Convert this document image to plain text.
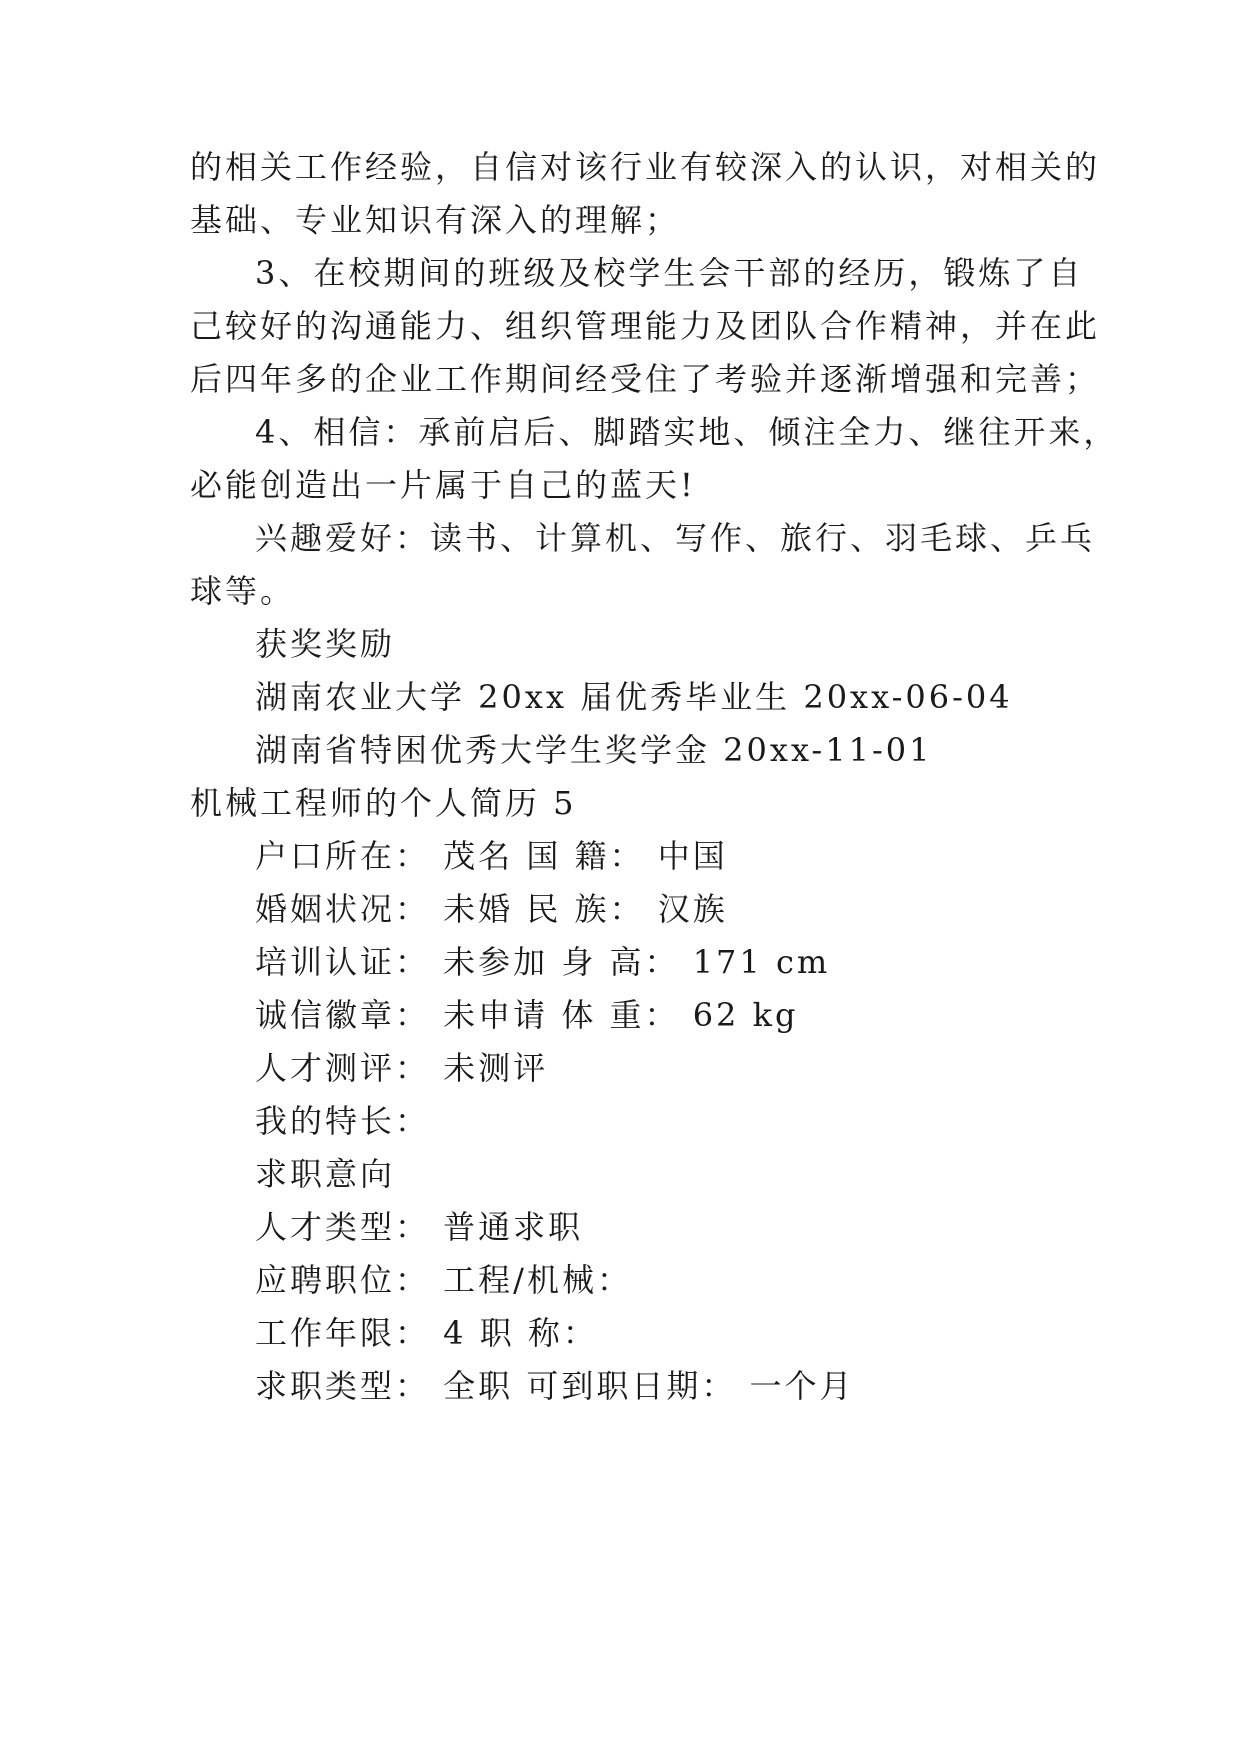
的相关工作经验，自信对该行业有较深入的认识，对相关的
基础、专业知识有深入的理解；
3、在校期间的班级及校学生会干部的经历，锻炼了自
己较好的沟通能力、组织管理能力及团队合作精神，并在此
后四年多的企业工作期间经受住了考验并逐渐增强和完善；
4、相信：承前启后、脚踏实地、倾注全力、继往开来，
必能创造出一片属于自己的蓝天!
兴趣爱好：读书、计算机、写作、旅行、羽毛球、乒乓
球等。
获奖奖励
湖南农业大学 20xx 届优秀毕业生 20xx-06-04
湖南省特困优秀大学生奖学金 20xx-11-01
机械工程师的个人简历 5
户口所在： 茂名 国 籍： 中国
婚姻状况： 未婚 民 族： 汉族
培训认证： 未参加 身 高： 171 cm
诚信徽章： 未申请 体 重： 62 kg
人才测评： 未测评
我的特长：
求职意向
人才类型： 普通求职
应聘职位： 工程/机械：
工作年限： 4 职 称：
求职类型： 全职 可到职日期： 一个月
